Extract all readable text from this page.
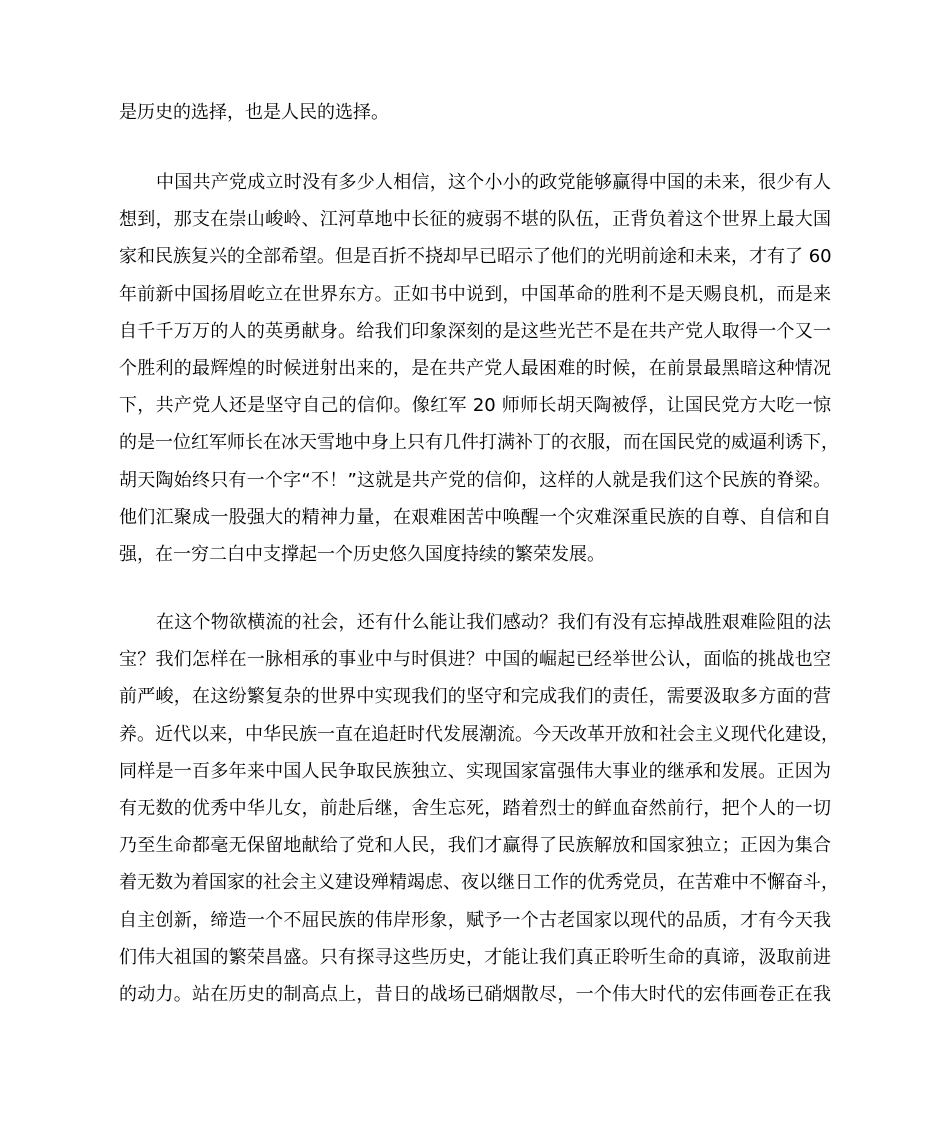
是历史的选择，也是人民的选择。
中国共产党成立时没有多少人相信，这个小小的政党能够赢得中国的未来，很少有人
想到，那支在崇山峻岭、江河草地中长征的疲弱不堪的队伍，正背负着这个世界上最大国
家和民族复兴的全部希望。但是百折不挠却早已昭示了他们的光明前途和未来，才有了 60
年前新中国扬眉屹立在世界东方。正如书中说到，中国革命的胜利不是天赐良机，而是来
自千千万万的人的英勇献身。给我们印象深刻的是这些光芒不是在共产党人取得一个又一
个胜利的最辉煌的时候迸射出来的，是在共产党人最困难的时候，在前景最黑暗这种情况
下，共产党人还是坚守自己的信仰。像红军 20 师师长胡天陶被俘，让国民党方大吃一惊
的是一位红军师长在冰天雪地中身上只有几件打满补丁的衣服，而在国民党的威逼利诱下，
胡天陶始终只有一个字“不！”这就是共产党的信仰，这样的人就是我们这个民族的脊梁。
他们汇聚成一股强大的精神力量，在艰难困苦中唤醒一个灾难深重民族的自尊、自信和自
强，在一穷二白中支撑起一个历史悠久国度持续的繁荣发展。
在这个物欲横流的社会，还有什么能让我们感动？我们有没有忘掉战胜艰难险阻的法
宝？我们怎样在一脉相承的事业中与时俱进？中国的崛起已经举世公认，面临的挑战也空
前严峻，在这纷繁复杂的世界中实现我们的坚守和完成我们的责任，需要汲取多方面的营
养。近代以来，中华民族一直在追赶时代发展潮流。今天改革开放和社会主义现代化建设，
同样是一百多年来中国人民争取民族独立、实现国家富强伟大事业的继承和发展。正因为
有无数的优秀中华儿女，前赴后继，舍生忘死，踏着烈士的鲜血奋然前行，把个人的一切
乃至生命都毫无保留地献给了党和人民，我们才赢得了民族解放和国家独立；正因为集合
着无数为着国家的社会主义建设殚精竭虑、夜以继日工作的优秀党员，在苦难中不懈奋斗，
自主创新，缔造一个不屈民族的伟岸形象，赋予一个古老国家以现代的品质，才有今天我
们伟大祖国的繁荣昌盛。只有探寻这些历史，才能让我们真正聆听生命的真谛，汲取前进
的动力。站在历史的制高点上，昔日的战场已硝烟散尽，一个伟大时代的宏伟画卷正在我
